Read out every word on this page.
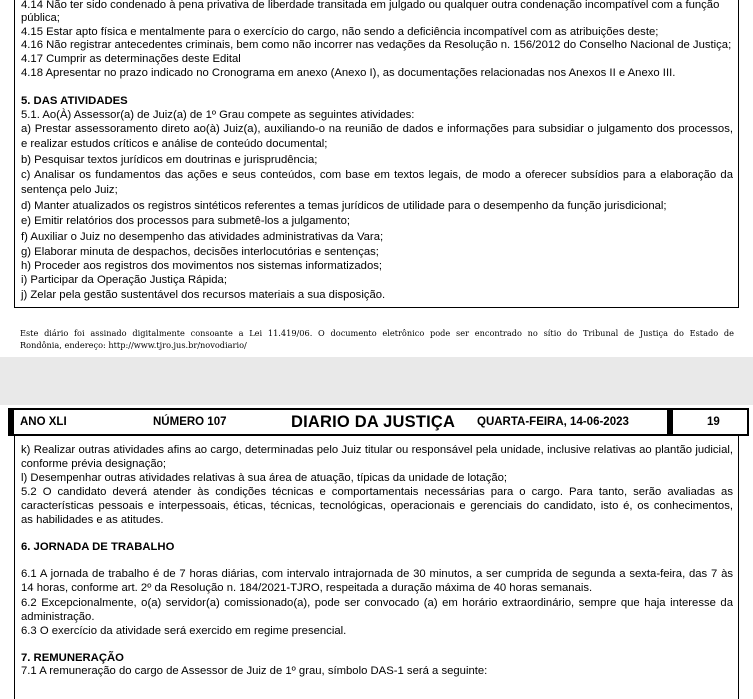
4.14 Não ter sido condenado à pena privativa de liberdade transitada em julgado ou qualquer outra condenação incompatível com a função
pública;
4.15 Estar apto física e mentalmente para o exercício do cargo, não sendo a deficiência incompatível com as atribuições deste;
4.16 Não registrar antecedentes criminais, bem como não incorrer nas vedações da Resolução n. 156/2012 do Conselho Nacional de Justiça;
4.17 Cumprir as determinações deste Edital
4.18 Apresentar no prazo indicado no Cronograma em anexo (Anexo I), as documentações relacionadas nos Anexos II e Anexo III.
5. DAS ATIVIDADES
5.1. Ao(À) Assessor(a) de Juiz(a) de 1º Grau compete as seguintes atividades:
a) Prestar assessoramento direto ao(à) Juiz(a), auxiliando-o na reunião de dados e informações para subsidiar o julgamento dos processos,
e realizar estudos críticos e análise de conteúdo documental;
b) Pesquisar textos jurídicos em doutrinas e jurisprudência;
c) Analisar os fundamentos das ações e seus conteúdos, com base em textos legais, de modo a oferecer subsídios para a elaboração da
sentença pelo Juiz;
d) Manter atualizados os registros sintéticos referentes a temas jurídicos de utilidade para o desempenho da função jurisdicional;
e) Emitir relatórios dos processos para submetê-los a julgamento;
f) Auxiliar o Juiz no desempenho das atividades administrativas da Vara;
g) Elaborar minuta de despachos, decisões interlocutórias e sentenças;
h) Proceder aos registros dos movimentos nos sistemas informatizados;
i) Participar da Operação Justiça Rápida;
j) Zelar pela gestão sustentável dos recursos materiais a sua disposição.
Este diário foi assinado digitalmente consoante a Lei 11.419/06. O documento eletrônico pode ser encontrado no sítio do Tribunal de Justiça do Estado de
Rondônia, endereço: http://www.tjro.jus.br/novodiario/
ANO XLI	NÚMERO 107	DIARIO DA JUSTIÇA QUARTA-FEIRA, 14-06-2023	19
k) Realizar outras atividades afins ao cargo, determinadas pelo Juiz titular ou responsável pela unidade, inclusive relativas ao plantão judicial,
conforme prévia designação;
l) Desempenhar outras atividades relativas à sua área de atuação, típicas da unidade de lotação;
5.2 O candidato deverá atender às condições técnicas e comportamentais necessárias para o cargo. Para tanto, serão avaliadas as
características pessoais e interpessoais, éticas, técnicas, tecnológicas, operacionais e gerenciais do candidato, isto é, os conhecimentos,
as habilidades e as atitudes.
6. JORNADA DE TRABALHO
6.1 A jornada de trabalho é de 7 horas diárias, com intervalo intrajornada de 30 minutos, a ser cumprida de segunda a sexta-feira, das 7 às
14 horas, conforme art. 2º da Resolução n. 184/2021-TJRO, respeitada a duração máxima de 40 horas semanais.
6.2 Excepcionalmente, o(a) servidor(a) comissionado(a), pode ser convocado (a) em horário extraordinário, sempre que haja interesse da
administração.
6.3 O exercício da atividade será exercido em regime presencial.
7. REMUNERAÇÃO
7.1 A remuneração do cargo de Assessor de Juiz de 1º grau, símbolo DAS-1 será a seguinte:
